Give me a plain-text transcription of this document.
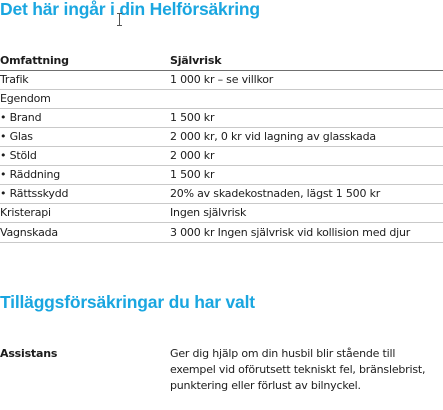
Det här ingår i din Helförsäkring
Omfattning	Självrisk
Trafik	1 000 kr – se villkor
Egendom
• Brand	1 500 kr
• Glas	2 000 kr, 0 kr vid lagning av glasskada
• Stöld	2 000 kr
• Räddning	1 500 kr
• Rättsskydd	20% av skadekostnaden, lägst 1 500 kr
Kristerapi	Ingen självrisk
Vagnskada	3 000 kr Ingen självrisk vid kollision med djur
Tilläggsförsäkringar du har valt
Assistans	Ger dig hjälp om din husbil blir stående till exempel vid oförutsett tekniskt fel, bränslebrist, punktering eller förlust av bilnyckel.
